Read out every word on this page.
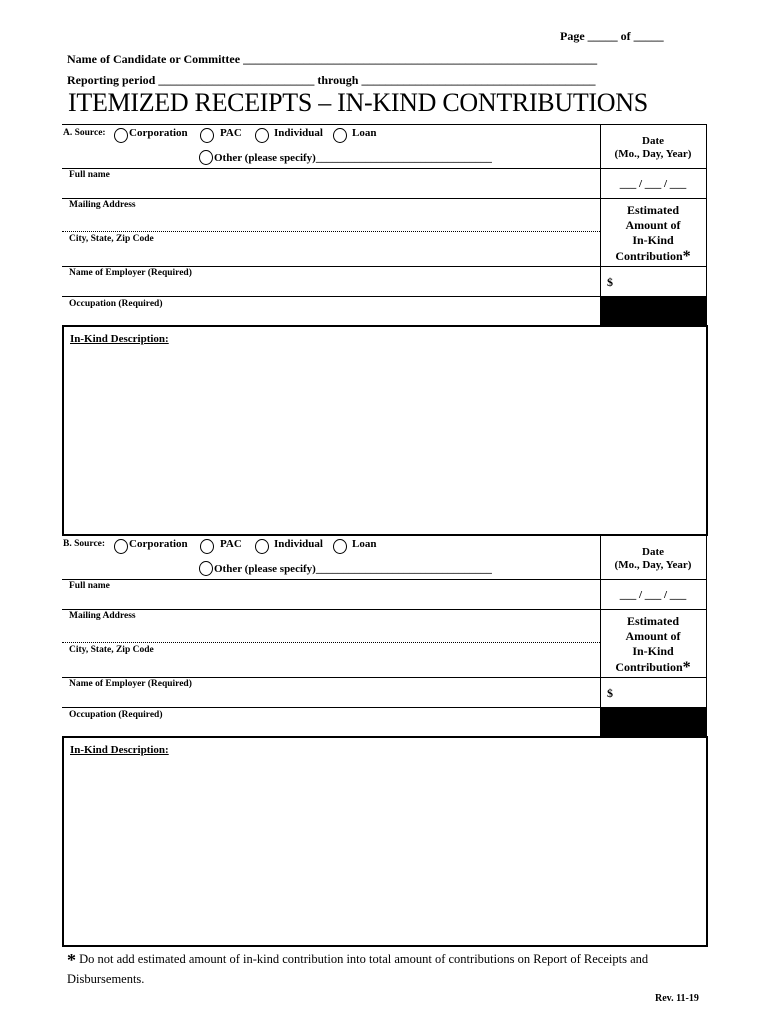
Page _____ of _____
Name of Candidate or Committee ___________________________________________________________
Reporting period __________________________ through _______________________________________
ITEMIZED RECEIPTS – IN-KIND CONTRIBUTIONS
A. Source: Corporation	PAC	Individual	Loan
Other (please specify)________________________________
Full name
Mailing Address
City, State, Zip Code
Name of Employer (Required)
Occupation (Required)
Date
(Mo., Day, Year)
___ / ___ / ___
Estimated
Amount of
In-Kind
Contribution*
$
In-Kind Description:
B. Source: Corporation	PAC	Individual	Loan
Other (please specify)________________________________
Full name
Mailing Address
City, State, Zip Code
Name of Employer (Required)
Occupation (Required)
Date
(Mo., Day, Year)
___ / ___ / ___
Estimated
Amount of
In-Kind
Contribution*
$
In-Kind Description:
* Do not add estimated amount of in-kind contribution into total amount of contributions on Report of Receipts and Disbursements.
Rev. 11-19
